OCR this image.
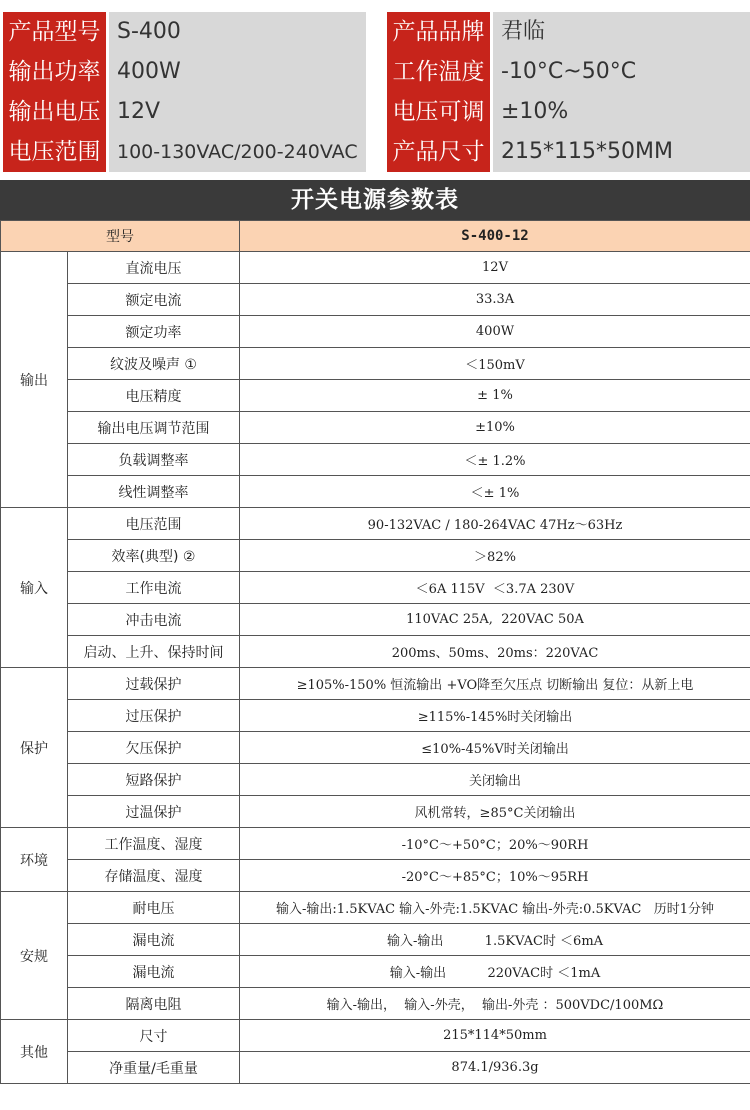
产品型号 S-400	产品品牌 君临
输出功率 400W	工作温度 -10°C~50°C
输出电压 12V	电压可调 ±10%
电压范围 100-130VAC/200-240VAC	产品尺寸 215*115*50MM
开关电源参数表
型号		S-400-12
输出	直流电压	12V
	额定电流	33.3A
	额定功率	400W
	纹波及噪声 ①	＜150mV
	电压精度	± 1%
	输出电压调节范围	±10%
	负载调整率	＜± 1.2%
	线性调整率	＜± 1%
输入	电压范围	90-132VAC / 180-264VAC 47Hz～63Hz
	效率(典型) ②	＞82%
	工作电流	＜6A 115V  ＜3.7A 230V
	冲击电流	110VAC 25A,  220VAC 50A
	启动、上升、保持时间	200ms、50ms、20ms：220VAC
保护	过载保护	≥105%-150% 恒流输出 +VO降至欠压点 切断输出 复位：从新上电
	过压保护	≥115%-145%时关闭输出
	欠压保护	≤10%-45%V时关闭输出
	短路保护	关闭输出
	过温保护	风机常转，≥85°C关闭输出
环境	工作温度、湿度	-10°C～+50°C；20%～90RH
	存储温度、湿度	-20°C～+85°C；10%～95RH
安规	耐电压	输入-输出:1.5KVAC 输入-外壳:1.5KVAC 输出-外壳:0.5KVAC   历时1分钟
	漏电流	输入-输出          1.5KVAC时 ＜6mA
	漏电流	输入-输出          220VAC时 ＜1mA
	隔离电阻	输入-输出，  输入-外壳，  输出-外壳 ：500VDC/100MΩ
其他	尺寸	215*114*50mm
	净重量/毛重量	874.1/936.3g
